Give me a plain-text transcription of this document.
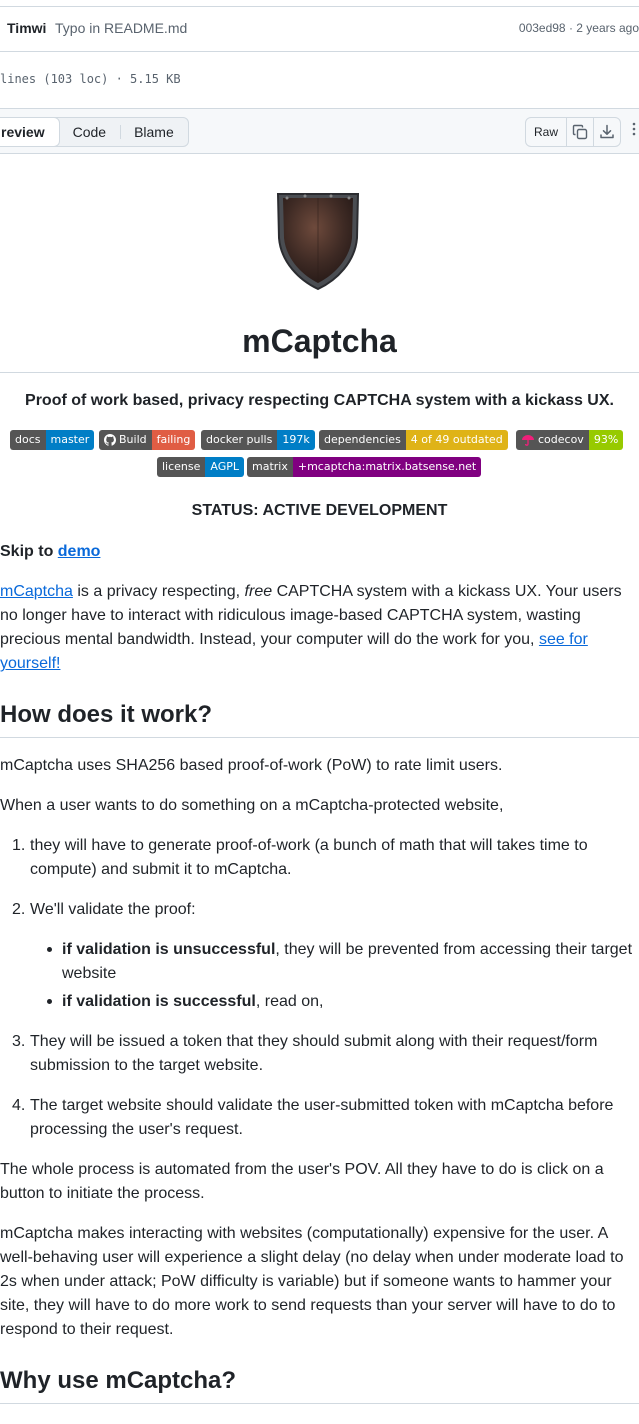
Timwi Typo in README.md	003ed98 · 2 years ago
lines (103 loc) · 5.15 KB
review	Code	Blame	Raw
mCaptcha
Proof of work based, privacy respecting CAPTCHA system with a kickass UX.
docs master	Build failing	docker pulls 197k	dependencies 4 of 49 outdated	codecov 93%
license AGPL	matrix +mcaptcha:matrix.batsense.net
STATUS: ACTIVE DEVELOPMENT
Skip to demo
mCaptcha is a privacy respecting, free CAPTCHA system with a kickass UX. Your users no longer have to interact with ridiculous image-based CAPTCHA system, wasting precious mental bandwidth. Instead, your computer will do the work for you, see for yourself!
How does it work?
mCaptcha uses SHA256 based proof-of-work (PoW) to rate limit users.
When a user wants to do something on a mCaptcha-protected website,
1. they will have to generate proof-of-work (a bunch of math that will takes time to compute) and submit it to mCaptcha.
2. We'll validate the proof:
if validation is unsuccessful, they will be prevented from accessing their target website
if validation is successful, read on,
3. They will be issued a token that they should submit along with their request/form submission to the target website.
4. The target website should validate the user-submitted token with mCaptcha before processing the user's request.
The whole process is automated from the user's POV. All they have to do is click on a button to initiate the process.
mCaptcha makes interacting with websites (computationally) expensive for the user. A well-behaving user will experience a slight delay (no delay when under moderate load to 2s when under attack; PoW difficulty is variable) but if someone wants to hammer your site, they will have to do more work to send requests than your server will have to do to respond to their request.
Why use mCaptcha?
